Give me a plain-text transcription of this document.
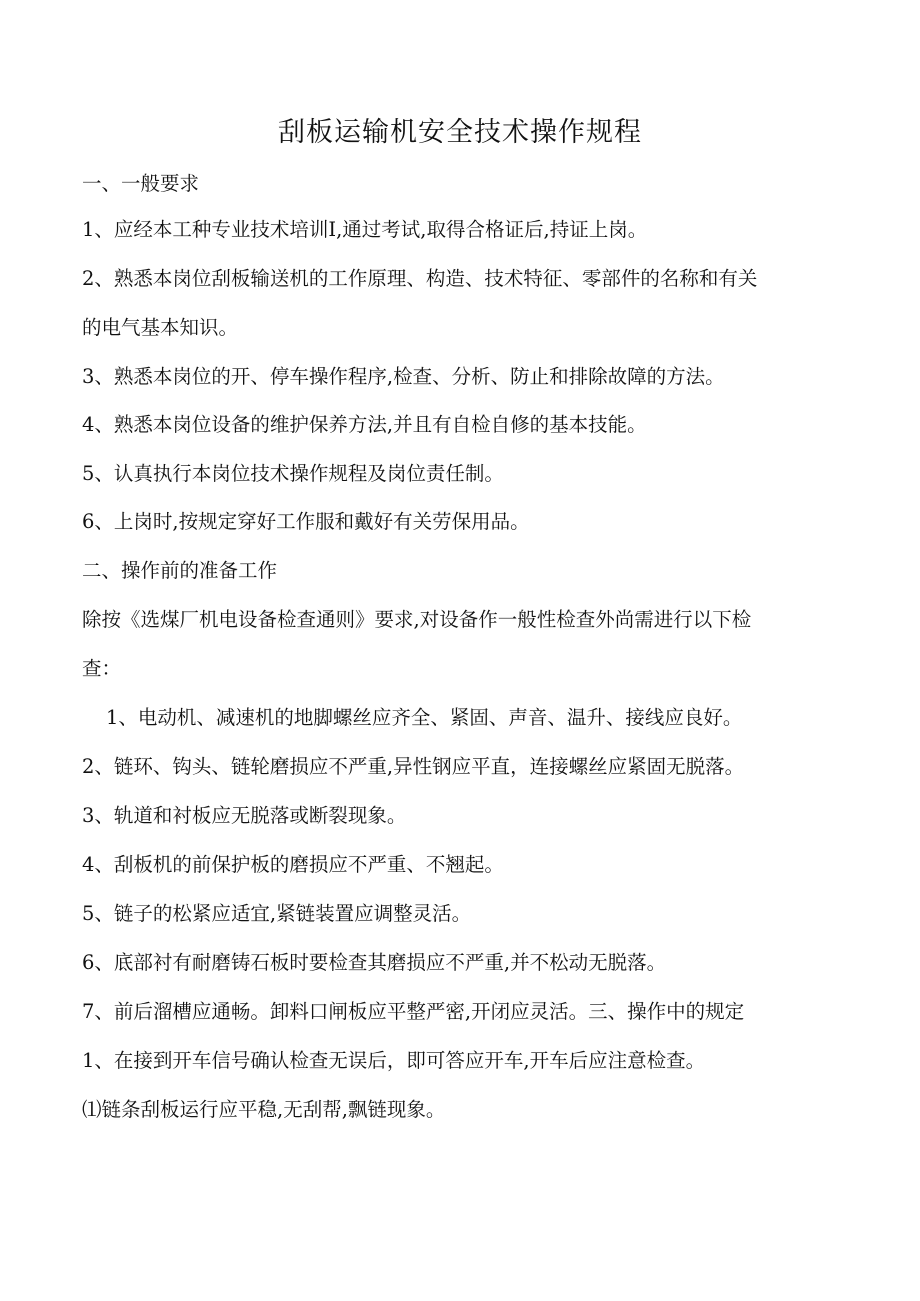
刮板运输机安全技术操作规程
一、一般要求
1、应经本工种专业技术培训I,通过考试,取得合格证后,持证上岗。
2、熟悉本岗位刮板输送机的工作原理、构造、技术特征、零部件的名称和有关
的电气基本知识。
3、熟悉本岗位的开、停车操作程序,检查、分析、防止和排除故障的方法。
4、熟悉本岗位设备的维护保养方法,并且有自检自修的基本技能。
5、认真执行本岗位技术操作规程及岗位责任制。
6、上岗时,按规定穿好工作服和戴好有关劳保用品。
二、操作前的准备工作
除按《选煤厂机电设备检查通则》要求,对设备作一般性检查外尚需进行以下检
查：
1、电动机、减速机的地脚螺丝应齐全、紧固、声音、温升、接线应良好。
2、链环、钩头、链轮磨损应不严重,异性钢应平直，连接螺丝应紧固无脱落。
3、轨道和衬板应无脱落或断裂现象。
4、刮板机的前保护板的磨损应不严重、不翘起。
5、链子的松紧应适宜,紧链装置应调整灵活。
6、底部衬有耐磨铸石板时要检查其磨损应不严重,并不松动无脱落。
7、前后溜槽应通畅。卸料口闸板应平整严密,开闭应灵活。三、操作中的规定
1、在接到开车信号确认检查无误后，即可答应开车,开车后应注意检查。
⑴链条刮板运行应平稳,无刮帮,飘链现象。
